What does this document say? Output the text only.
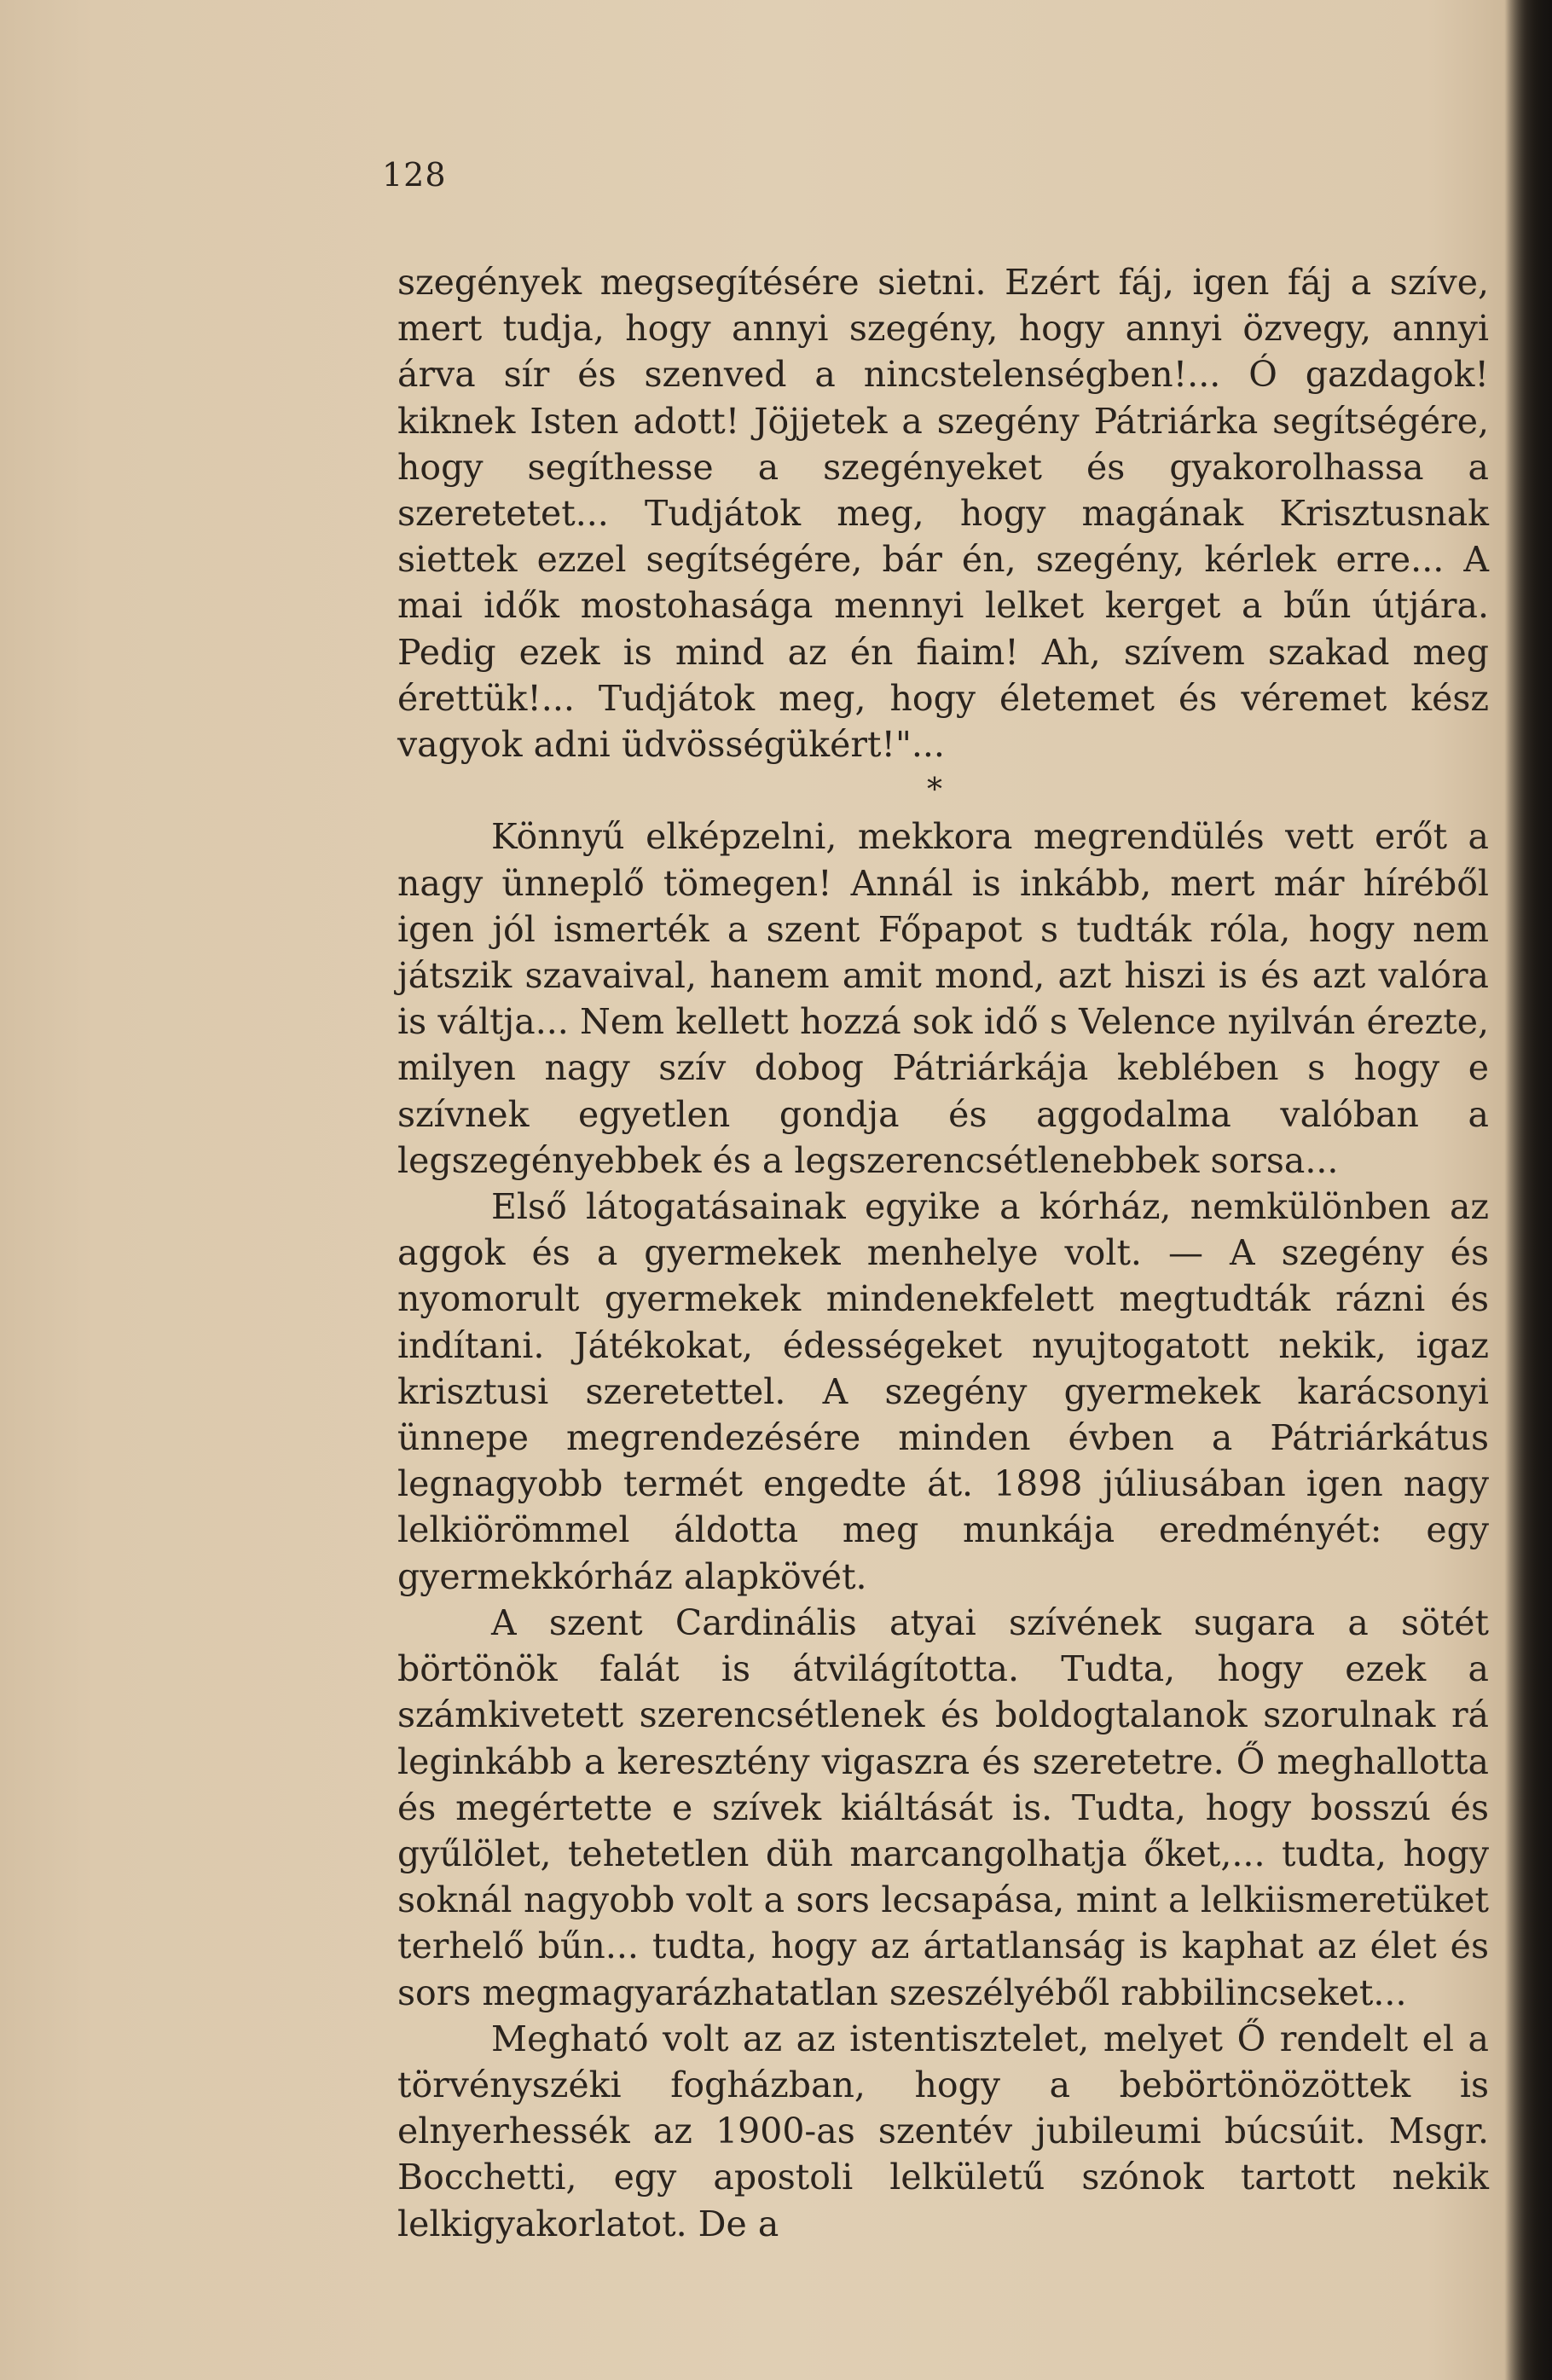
128

szegények megsegítésére sietni. Ezért fáj, igen fáj a szíve, mert tudja, hogy annyi szegény, hogy annyi özvegy, annyi árva sír és szenved a nincstelenségben!... Ó gazdagok! kiknek Isten adott! Jöjjetek a szegény Pátriárka segítségére, hogy segíthesse a szegényeket és gyakorolhassa a szeretetet... Tudjátok meg, hogy magának Krisztusnak siettek ezzel segítségére, bár én, szegény, kérlek erre... A mai idők mostohasága mennyi lelket kerget a bűn útjára. Pedig ezek is mind az én fiaim! Ah, szívem szakad meg érettük!... Tudjátok meg, hogy életemet és véremet kész vagyok adni üdvösségükért!"...

*

Könnyű elképzelni, mekkora megrendülés vett erőt a nagy ünneplő tömegen! Annál is inkább, mert már híréből igen jól ismerték a szent Főpapot s tudták róla, hogy nem játszik szavaival, hanem amit mond, azt hiszi is és azt valóra is váltja... Nem kellett hozzá sok idő s Velence nyilván érezte, milyen nagy szív dobog Pátriárkája keblében s hogy e szívnek egyetlen gondja és aggodalma valóban a legszegényebbek és a legszerencsétlenebbek sorsa...

Első látogatásainak egyike a kórház, nemkülönben az aggok és a gyermekek menhelye volt. — A szegény és nyomorult gyermekek mindenekfelett megtudták rázni és indítani. Játékokat, édességeket nyujtogatott nekik, igaz krisztusi szeretettel. A szegény gyermekek karácsonyi ünnepe megrendezésére minden évben a Pátriárkátus legnagyobb termét engedte át. 1898 júliusában igen nagy lelkiörömmel áldotta meg munkája eredményét: egy gyermekkórház alapkövét.

A szent Cardinális atyai szívének sugara a sötét börtönök falát is átvilágította. Tudta, hogy ezek a számkivetett szerencsétlenek és boldogtalanok szorulnak rá leginkább a keresztény vigaszra és szeretetre. Ő meghallotta és megértette e szívek kiáltását is. Tudta, hogy bosszú és gyűlölet, tehetetlen düh marcangolhatja őket,... tudta, hogy soknál nagyobb volt a sors lecsapása, mint a lelkiismeretüket terhelő bűn... tudta, hogy az ártatlanság is kaphat az élet és sors megmagyarázhatatlan szeszélyéből rabbilincseket...

Megható volt az az istentisztelet, melyet Ő rendelt el a törvényszéki fogházban, hogy a bebörtönözöttek is elnyerhessék az 1900-as szentév jubileumi búcsúit. Msgr. Bocchetti, egy apostoli lelkületű szónok tartott nekik lelkigyakorlatot. De a
